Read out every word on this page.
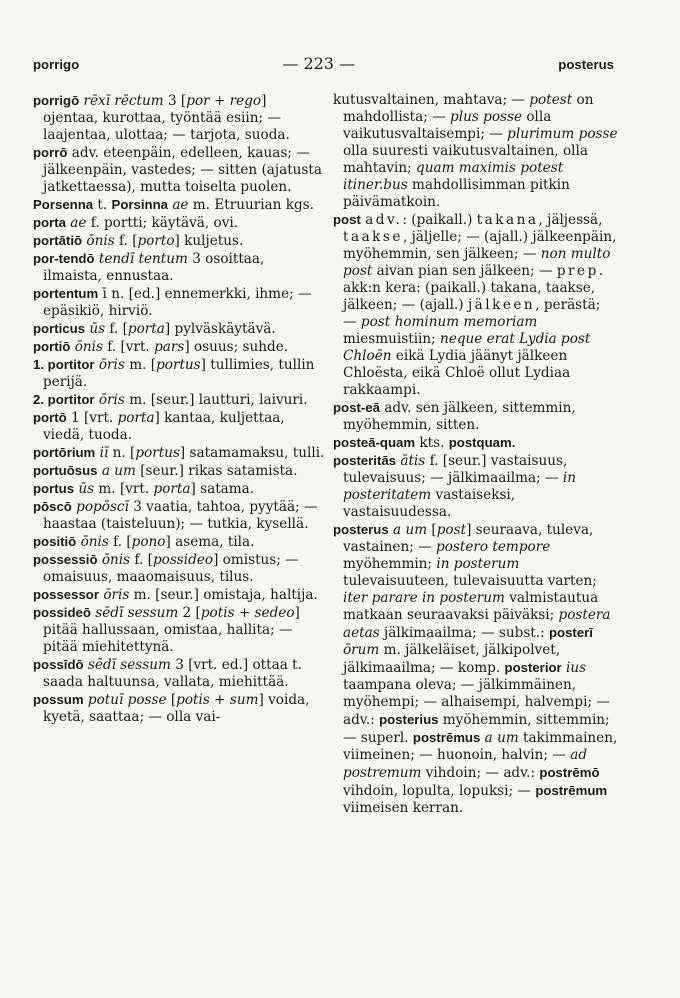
porrigo	— 223 —	posterus

porrigō rēxī rēctum 3 [por + rego] ojentaa, kurottaa, työntää esiin; — laajentaa, ulottaa; — tarjota, suoda.

porrō adv. eteenpäin, edelleen, kauas; — jälkeenpäin, vastedes; — sitten (ajatusta jatkettaessa), mutta toiselta puolen.

Porsenna t. Porsinna ae m. Etruurian kgs.

porta ae f. portti; käytävä, ovi.

portātiō ōnis f. [porto] kuljetus.

por-tendō tendī tentum 3 osoittaa, ilmaista, ennustaa.

portentum ī n. [ed.] ennemerkki, ihme; — epäsikiö, hirviö.

porticus ūs f. [porta] pylväskäytävä.

portiō ōnis f. [vrt. pars] osuus; suhde.

1. portitor ōris m. [portus] tullimies, tullin perijä.

2. portitor ōris m. [seur.] lautturi, laivuri.

portō 1 [vrt. porta] kantaa, kuljettaa, viedä, tuoda.

portōrium iī n. [portus] satamamaksu, tulli.

portuōsus a um [seur.] rikas satamista.

portus ūs m. [vrt. porta] satama.

pōscō popōscī 3 vaatia, tahtoa, pyytää; — haastaa (taisteluun); — tutkia, kysellä.

positiō ōnis f. [pono] asema, tila.

possessiō ōnis f. [possideo] omistus; — omaisuus, maaomaisuus, tilus.

possessor ōris m. [seur.] omistaja, haltija.

possideō sēdī sessum 2 [potis + sedeo] pitää hallussaan, omistaa, hallita; — pitää miehitettynä.

possīdō sēdī sessum 3 [vrt. ed.] ottaa t. saada haltuunsa, vallata, miehittää.

possum potuī posse [potis + sum] voida, kyetä, saattaa; — olla vai-

kutusvaltainen, mahtava; — potest on mahdollista; — plus posse olla vaikutusvaltaisempi; — plurimum posse olla suuresti vaikutusvaltainen, olla mahtavin; quam maximis potest itiner.bus mahdollisimman pitkin päivämatkoin.

post adv.: (paikall.) takana, jäljessä, taakse, jäljelle; — (ajall.) jälkeenpäin, myöhemmin, sen jälkeen; — non multo post aivan pian sen jälkeen; — prep. akk:n kera: (paikall.) takana, taakse, jälkeen; — (ajall.) jälkeen, perästä; — post hominum memoriam miesmuistiin; neque erat Lydia post Chloēn eikä Lydia jäänyt jälkeen Chloësta, eikä Chloë ollut Lydiaa rakkaampi.

post-eā adv. sen jälkeen, sittemmin, myöhemmin, sitten.

posteā-quam kts. postquam.

posteritās ātis f. [seur.] vastaisuus, tulevaisuus; — jälkimaailma; — in posteritatem vastaiseksi, vastaisuudessa.

posterus a um [post] seuraava, tuleva, vastainen; — postero tempore myöhemmin; in posterum tulevaisuuteen, tulevaisuutta varten; iter parare in posterum valmistautua matkaan seuraavaksi päiväksi; postera aetas jälkimaailma; — subst.: posterī ōrum m. jälkeläiset, jälkipolvet, jälkimaailma; — komp. posterior ius taampana oleva; — jälkimmäinen, myöhempi; — alhaisempi, halvempi; — adv.: posterius myöhemmin, sittemmin; — superl. postrēmus a um takimmainen, viimeinen; — huonoin, halvin; — ad postremum vihdoin; — adv.: postrēmō vihdoin, lopulta, lopuksi; — postrēmum viimeisen kerran.
